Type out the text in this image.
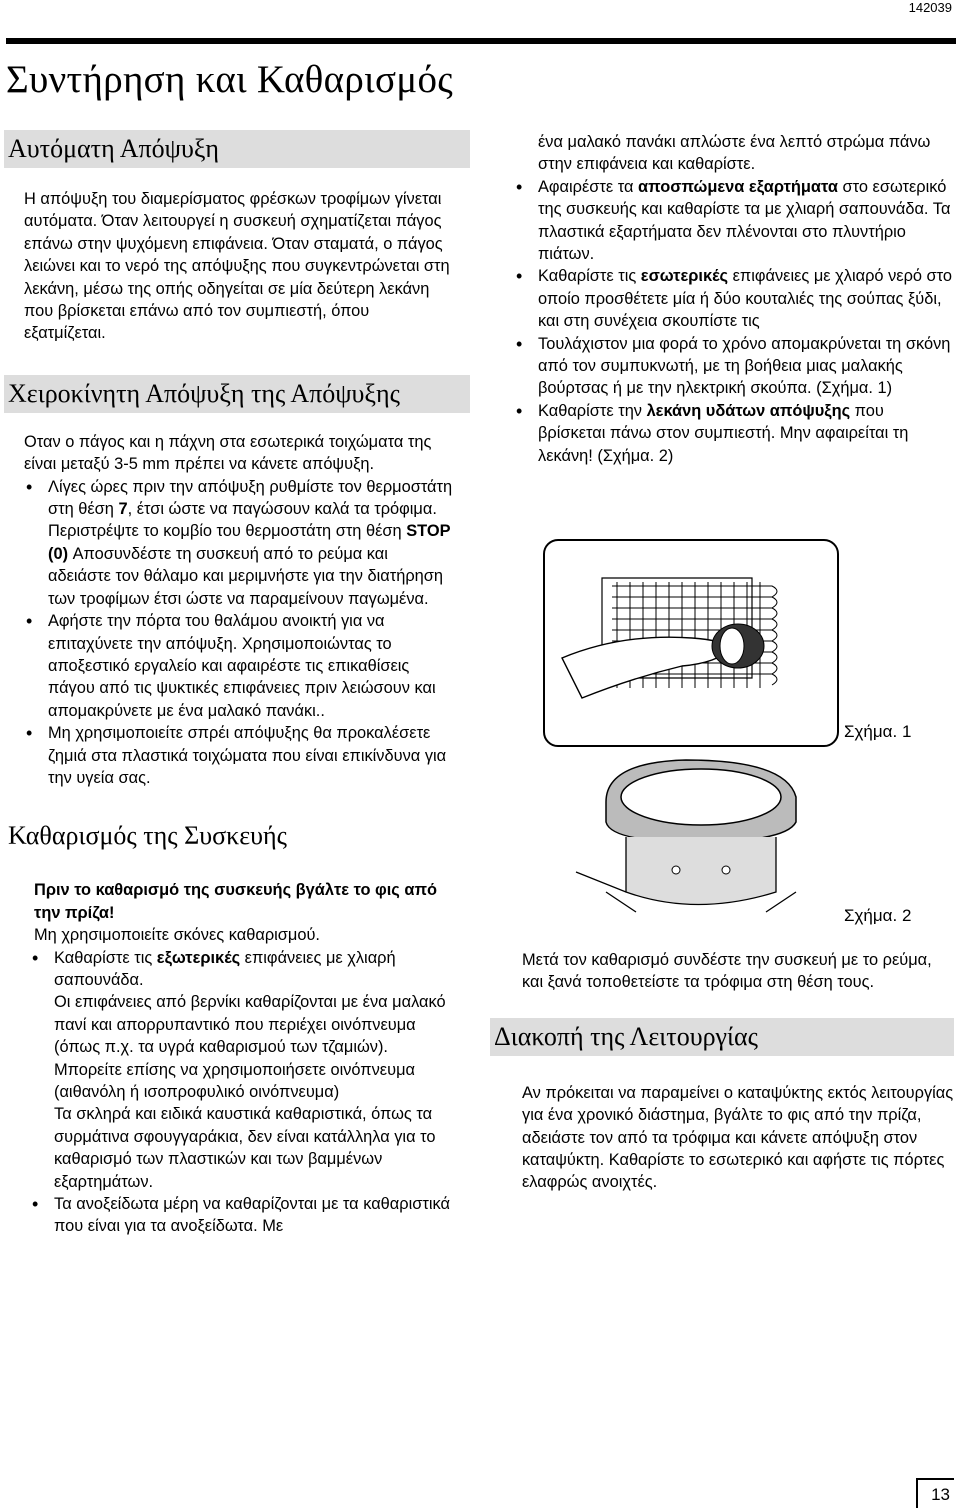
142039
Συντήρηση και Καθαρισμός
Αυτόματη Απόψυξη

Η απόψυξη του διαμερίσματος φρέσκων τροφίμων γίνεται αυτόματα. Όταν λειτουργεί η συσκευή σχηματίζεται πάγος επάνω στην ψυχόμενη επιφάνεια. Όταν σταματά, ο πάγος λειώνει και το νερό της απόψυξης που συγκεντρώνεται στη λεκάνη, μέσω της οπής οδηγείται σε μία δεύτερη λεκάνη που βρίσκεται επάνω από τον συμπιεστή, όπου εξατμίζεται.

Χειροκίνητη Απόψυξη της Απόψυξης

Οταν ο πάγος και η πάχνη στα εσωτερικά τοιχώματα της είναι μεταξύ 3-5 mm πρέπει να κάνετε απόψυξη.

• Λίγες ώρες πριν την απόψυξη ρυθμίστε τον θερμοστάτη στη θέση 7, έτσι ώστε να παγώσουν καλά τα τρόφιμα. Περιστρέψτε το κομβίο του θερμοστάτη στη θέση STOP (0) Αποσυνδέστε τη συσκευή από το ρεύμα και αδειάστε τον θάλαμο και μεριμνήστε για την διατήρηση των τροφίμων έτσι ώστε να παραμείνουν παγωμένα.
• Αφήστε την πόρτα του θαλάμου ανοικτή για να επιταχύνετε την απόψυξη. Χρησιμοποιώντας το αποξεστικό εργαλείο και αφαιρέστε τις επικαθίσεις πάγου από τις ψυκτικές επιφάνειες πριν λειώσουν και απομακρύνετε με ένα μαλακό πανάκι..
• Μη χρησιμοποιείτε σπρέι απόψυξης θα προκαλέσετε ζημιά στα πλαστικά τοιχώματα που είναι επικίνδυνα για την υγεία σας.
Καθαρισμός της Συσκευής

Πριν το καθαρισμό της συσκευής βγάλτε το φις από την πρίζα!

Μη χρησιμοποιείτε σκόνες καθαρισμού.

• Καθαρίστε τις εξωτερικές επιφάνειες με χλιαρή σαπουνάδα.
Οι επιφάνειες από βερνίκι καθαρίζονται με ένα μαλακό πανί και απορρυπαντικό που περιέχει οινόπνευμα (όπως π.χ. τα υγρά καθαρισμού των τζαμιών). Μπορείτε επίσης να χρησιμοποιήσετε οινόπνευμα (αιθανόλη ή ισοπροφυλικό οινόπνευμα)
Τα σκληρά και ειδικά καυστικά καθαριστικά, όπως τα συρμάτινα σφουγγαράκια, δεν είναι κατάλληλα για το καθαρισμό των πλαστικών και των βαμμένων εξαρτημάτων.
• Τα ανοξείδωτα μέρη να καθαρίζονται με τα καθαριστικά που είναι για τα ανοξείδωτα. Με

ένα μαλακό πανάκι απλώστε ένα λεπτό στρώμα πάνω στην επιφάνεια και καθαρίστε.

• Αφαιρέστε τα αποσπώμενα εξαρτήματα στο εσωτερικό της συσκευής και καθαρίστε τα με χλιαρή σαπουνάδα. Τα πλαστικά εξαρτήματα δεν πλένονται στο πλυντήριο πιάτων.
• Καθαρίστε τις εσωτερικές επιφάνειες με χλιαρό νερό στο οποίο προσθέτετε μία ή δύο κουταλιές της σούπας ξύδι, και στη συνέχεια σκουπίστε τις
• Τουλάχιστον μια φορά το χρόνο απομακρύνεται τη σκόνη από τον συμπυκνωτή, με τη βοήθεια μιας μαλακής βούρτσας ή με την ηλεκτρική σκούπα. (Σχήμα. 1)
• Καθαρίστε την λεκάνη υδάτων απόψυξης που βρίσκεται πάνω στον συμπιεστή. Μην αφαιρείται τη λεκάνη! (Σχήμα. 2)
Σχήμα. 1
Σχήμα. 2

Μετά τον καθαρισμό συνδέστε την συσκευή με το ρεύμα, και ξανά τοποθετείστε τα τρόφιμα στη θέση τους.

Διακοπή της Λειτουργίας

Αν πρόκειται να παραμείνει ο καταψύκτης εκτός λειτουργίας για ένα χρονικό διάστημα, βγάλτε το φις από την πρίζα, αδειάστε τον από τα τρόφιμα και κάνετε απόψυξη στον καταψύκτη. Καθαρίστε το εσωτερικό και αφήστε τις πόρτες ελαφρώς ανοιχτές.

13
